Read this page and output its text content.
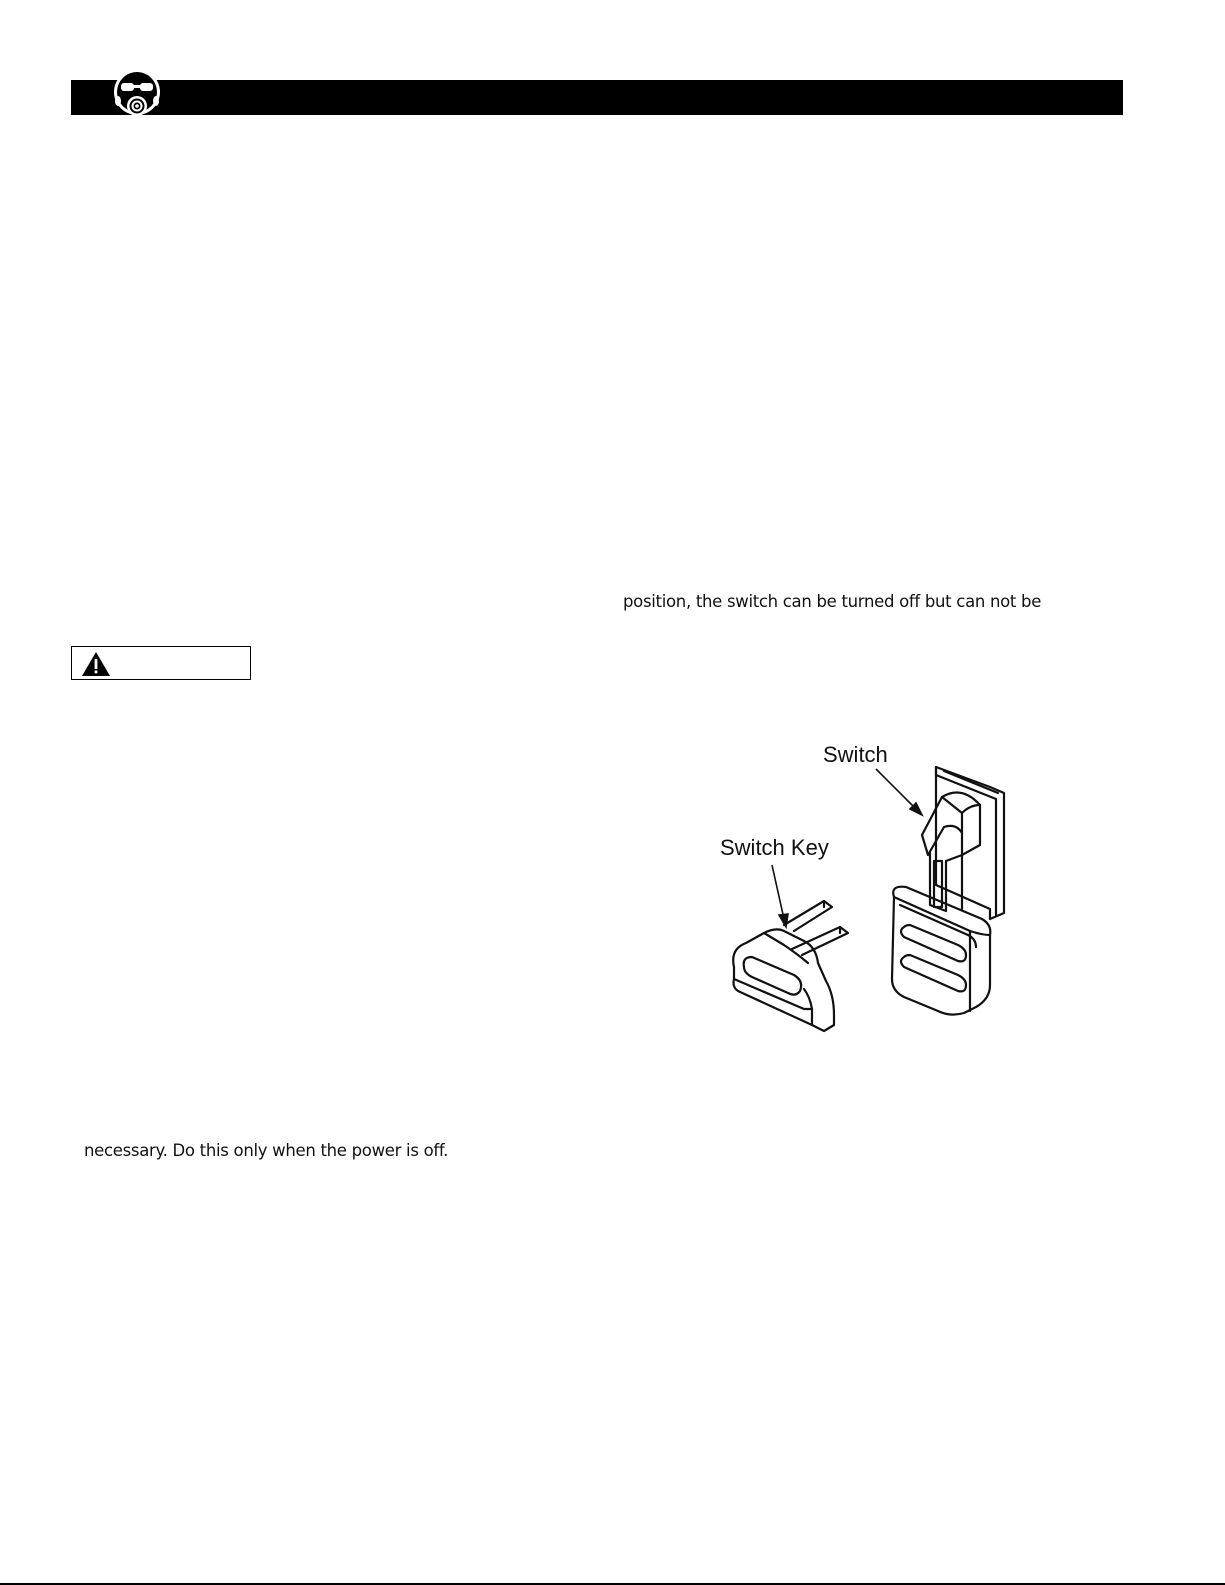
position, the switch can be turned off but can not be
necessary. Do this only when the power is off.
Switch
Switch Key
